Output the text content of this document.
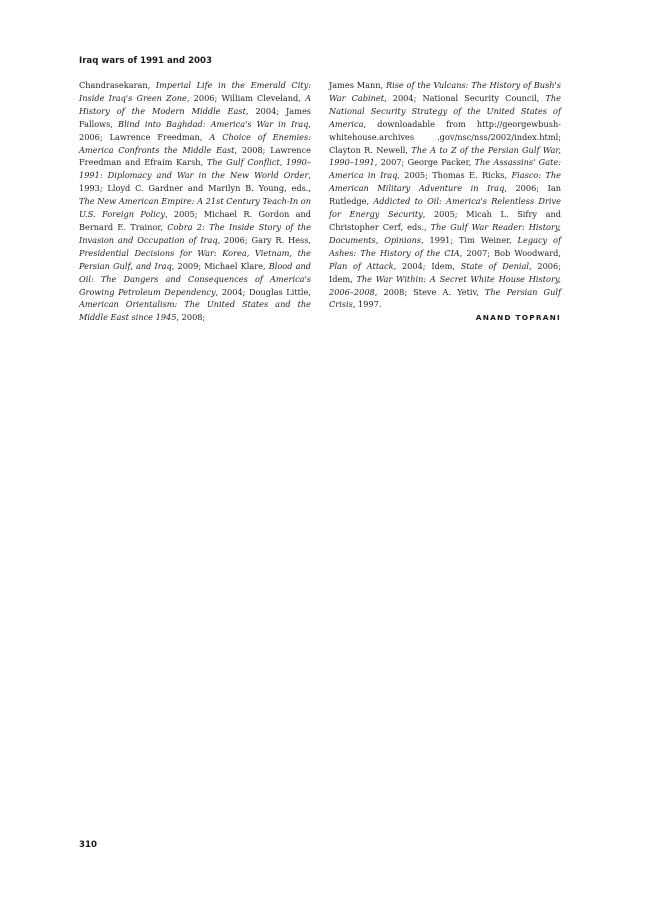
Iraq wars of 1991 and 2003
Chandrasekaran, Imperial Life in the Emerald City: Inside Iraq's Green Zone, 2006; William Cleveland, A History of the Modern Middle East, 2004; James Fallows, Blind into Baghdad: America's War in Iraq, 2006; Lawrence Freedman, A Choice of Enemies: America Confronts the Middle East, 2008; Lawrence Freedman and Efraim Karsh, The Gulf Conflict, 1990–1991: Diplomacy and War in the New World Order, 1993; Lloyd C. Gardner and Marilyn B. Young, eds., The New American Empire: A 21st Century Teach-In on U.S. Foreign Policy, 2005; Michael R. Gordon and Bernard E. Trainor, Cobra 2: The Inside Story of the Invasion and Occupation of Iraq, 2006; Gary R. Hess, Presidential Decisions for War: Korea, Vietnam, the Persian Gulf, and Iraq, 2009; Michael Klare, Blood and Oil: The Dangers and Consequences of America's Growing Petroleum Dependency, 2004; Douglas Little, American Orientalism: The United States and the Middle East since 1945, 2008;
James Mann, Rise of the Vulcans: The History of Bush's War Cabinet, 2004; National Security Council, The National Security Strategy of the United States of America, downloadable from http://georgewbush-whitehouse.archives .gov/nsc/nss/2002/index.html; Clayton R. Newell, The A to Z of the Persian Gulf War, 1990–1991, 2007; George Packer, The Assassins' Gate: America in Iraq, 2005; Thomas E. Ricks, Fiasco: The American Military Adventure in Iraq, 2006; Ian Rutledge, Addicted to Oil: America's Relentless Drive for Energy Security, 2005; Micah L. Sifry and Christopher Cerf, eds., The Gulf War Reader: History, Documents, Opinions, 1991; Tim Weiner, Legacy of Ashes: The History of the CIA, 2007; Bob Woodward, Plan of Attack, 2004; Idem, State of Denial, 2006; Idem, The War Within: A Secret White House History, 2006–2008, 2008; Steve A. Yetiv, The Persian Gulf Crisis, 1997.
ANAND TOPRANI
310
